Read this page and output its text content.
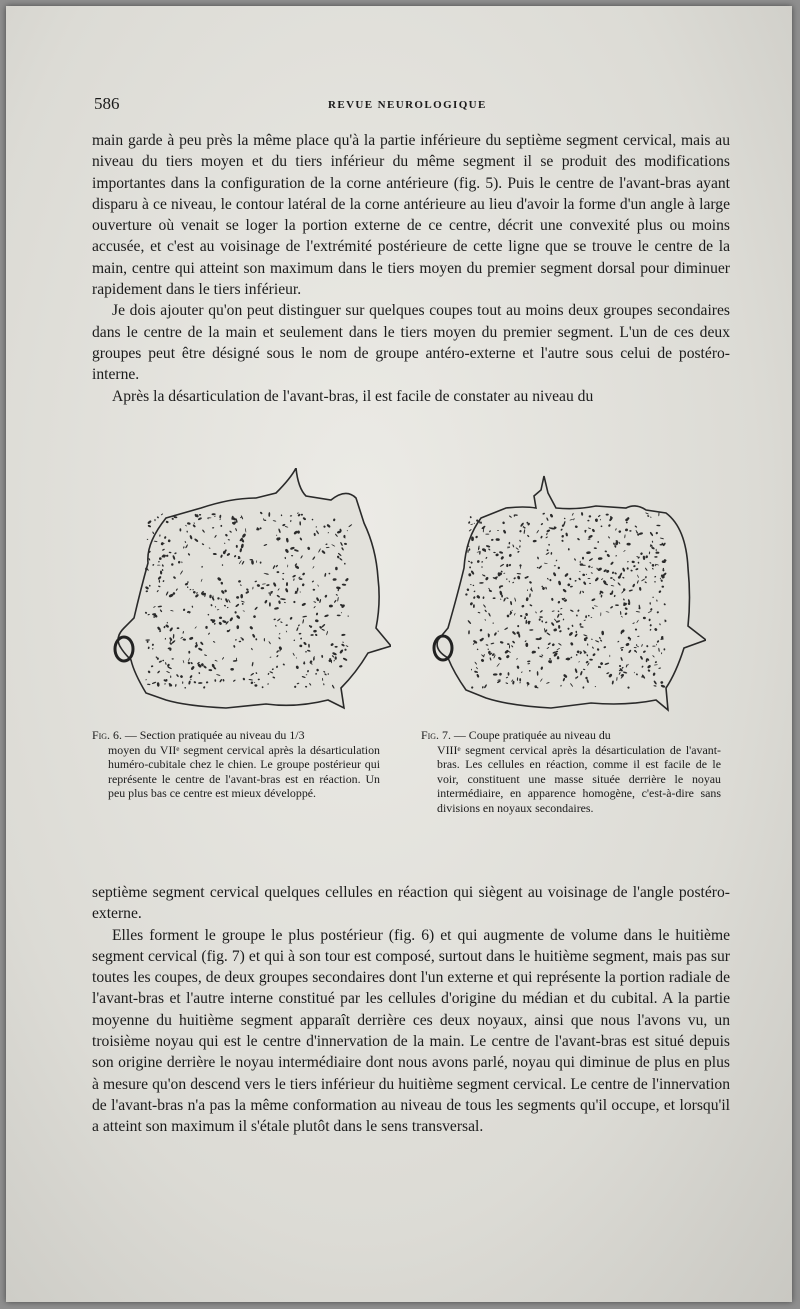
586	REVUE NEUROLOGIQUE

main garde à peu près la même place qu'à la partie inférieure du septième segment cervical, mais au niveau du tiers moyen et du tiers inférieur du même segment il se produit des modifications importantes dans la configuration de la corne antérieure (fig. 5). Puis le centre de l'avant-bras ayant disparu à ce niveau, le contour latéral de la corne antérieure au lieu d'avoir la forme d'un angle à large ouverture où venait se loger la portion externe de ce centre, décrit une convexité plus ou moins accusée, et c'est au voisinage de l'extrémité postérieure de cette ligne que se trouve le centre de la main, centre qui atteint son maximum dans le tiers moyen du premier segment dorsal pour diminuer rapidement dans le tiers inférieur.

Je dois ajouter qu'on peut distinguer sur quelques coupes tout au moins deux groupes secondaires dans le centre de la main et seulement dans le tiers moyen du premier segment. L'un de ces deux groupes peut être désigné sous le nom de groupe antéro-externe et l'autre sous celui de postéro-interne.

Après la désarticulation de l'avant-bras, il est facile de constater au niveau du

Fig. 6. — Section pratiquée au niveau du 1/3
moyen du VIIᵉ segment cervical après la désarticulation huméro-cubitale chez le chien. Le groupe postérieur qui représente le centre de l'avant-bras est en réaction. Un peu plus bas ce centre est mieux développé.
Fig. 7. — Coupe pratiquée au niveau du
VIIIᵉ segment cervical après la désarticulation de l'avant-bras. Les cellules en réaction, comme il est facile de le voir, constituent une masse située derrière le noyau intermédiaire, en apparence homogène, c'est-à-dire sans divisions en noyaux secondaires.

septième segment cervical quelques cellules en réaction qui siègent au voisinage de l'angle postéro-externe.

Elles forment le groupe le plus postérieur (fig. 6) et qui augmente de volume dans le huitième segment cervical (fig. 7) et qui à son tour est composé, surtout dans le huitième segment, mais pas sur toutes les coupes, de deux groupes secondaires dont l'un externe et qui représente la portion radiale de l'avant-bras et l'autre interne constitué par les cellules d'origine du médian et du cubital. A la partie moyenne du huitième segment apparaît derrière ces deux noyaux, ainsi que nous l'avons vu, un troisième noyau qui est le centre d'innervation de la main. Le centre de l'avant-bras est situé depuis son origine derrière le noyau intermédiaire dont nous avons parlé, noyau qui diminue de plus en plus à mesure qu'on descend vers le tiers inférieur du huitième segment cervical. Le centre de l'innervation de l'avant-bras n'a pas la même conformation au niveau de tous les segments qu'il occupe, et lorsqu'il a atteint son maximum il s'étale plutôt dans le sens transversal.
